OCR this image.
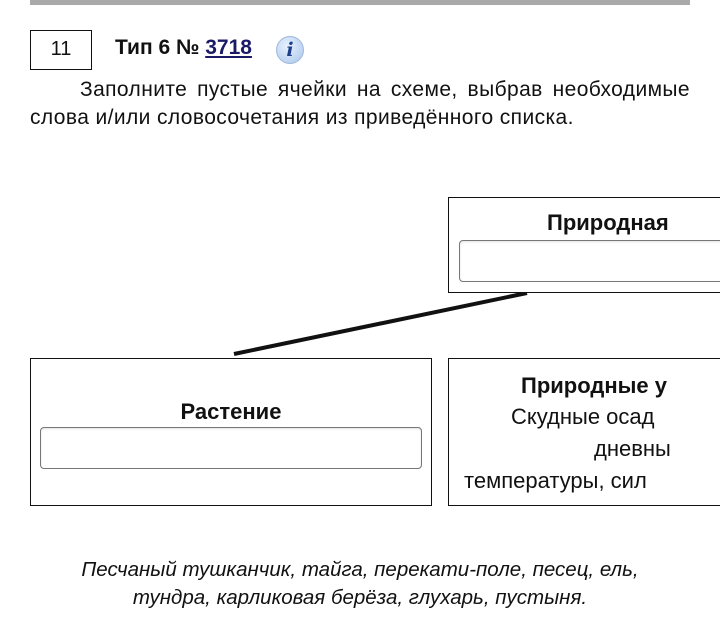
11	Тип 6 № 3718	i

Заполните пустые ячейки на схеме, выбрав необходимые слова и/или словосочетания из приведённого списка.

Природная
Растение
Природные у
Скудные осад
дневны
температуры, сил
Песчаный тушканчик, тайга, перекати-поле, песец, ель,
тундра, карликовая берёза, глухарь, пустыня.
